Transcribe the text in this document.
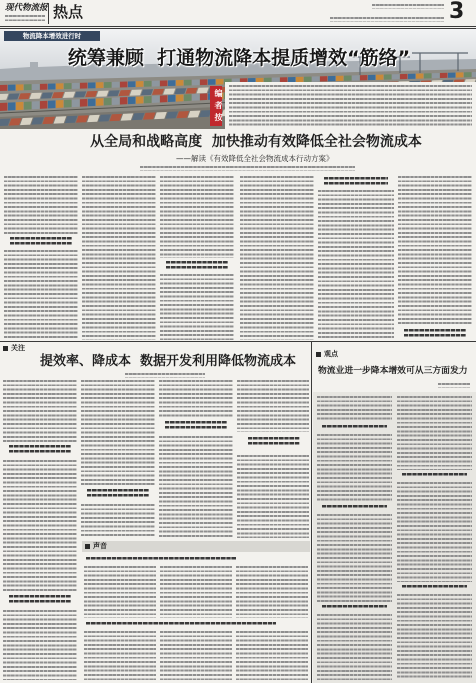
现代物流报 热点	3
物流降本增效进行时
统筹兼顾  打通物流降本提质增效“筋络”
编者按
从全局和战略高度  加快推动有效降低全社会物流成本
——解读《有效降低全社会物流成本行动方案》
关注
提效率、降成本  数据开发利用降低物流成本
声音
观点
物流业进一步降本增效可从三方面发力
